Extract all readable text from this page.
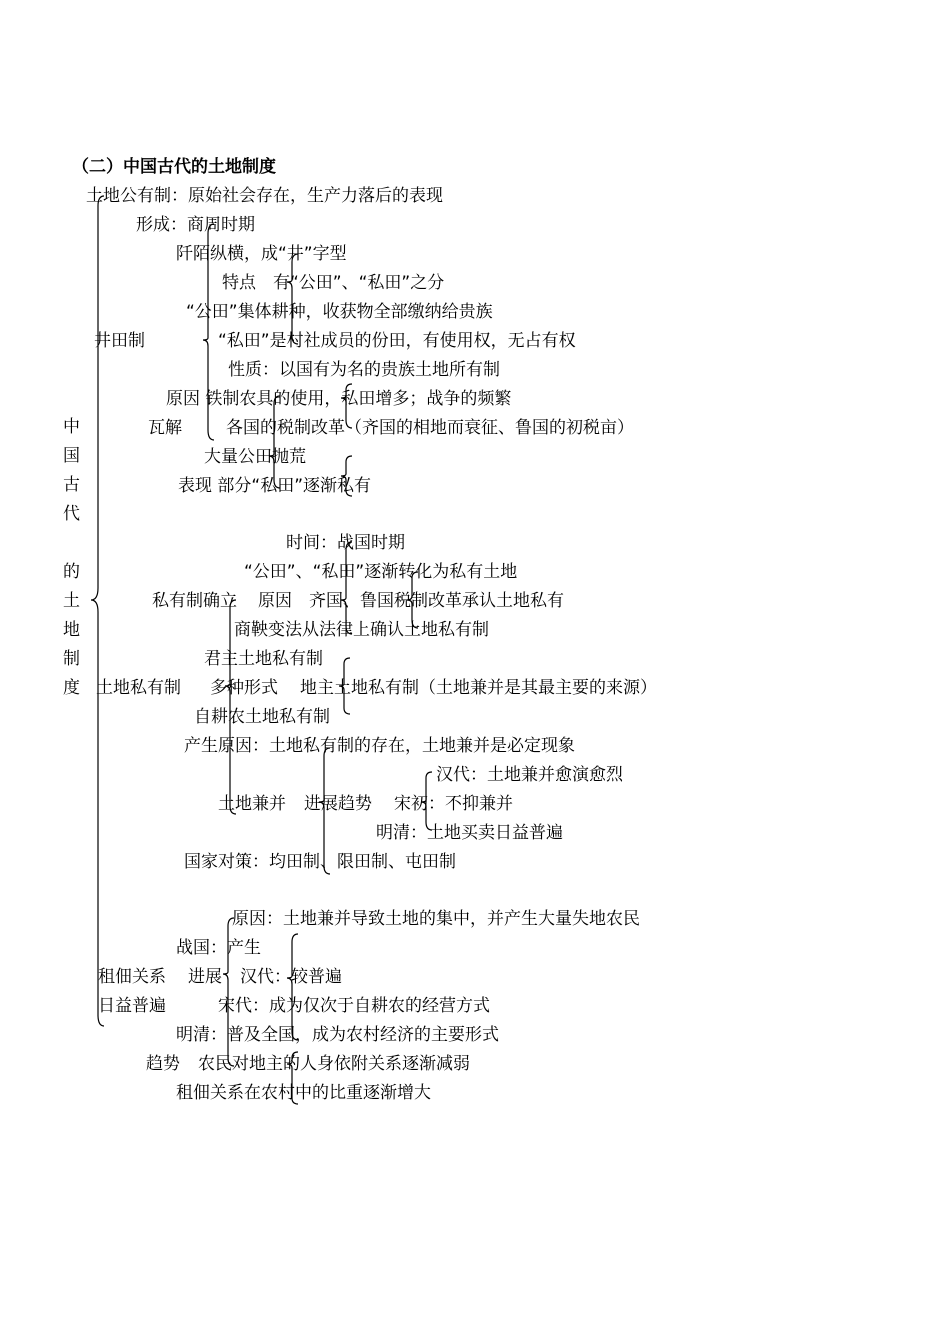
（二）中国古代的土地制度
中
国
古
代
的
土
地
制
度
土地公有制：原始社会存在，生产力落后的表现
形成：商周时期
阡陌纵横，成“井”字型
特点　有“公田”、“私田”之分
“公田”集体耕种，收获物全部缴纳给贵族
井田制	“私田”是村社成员的份田，有使用权，无占有权
性质：以国有为名的贵族土地所有制
原因 铁制农具的使用，私田增多；战争的频繁
瓦解	各国的税制改革（齐国的相地而衰征、鲁国的初税亩）
大量公田抛荒
表现 部分“私田”逐渐私有
时间：战国时期
“公田”、“私田”逐渐转化为私有土地
私有制确立 原因　齐国、鲁国税制改革承认土地私有
商鞅变法从法律上确认土地私有制
君主土地私有制
土地私有制 多种形式 地主土地私有制（土地兼并是其最主要的来源）
自耕农土地私有制
产生原因：土地私有制的存在，土地兼并是必定现象
汉代：土地兼并愈演愈烈
土地兼并 进展趋势 宋初：不抑兼并
明清：土地买卖日益普遍
国家对策：均田制、限田制、屯田制
原因：土地兼并导致土地的集中，并产生大量失地农民
战国：产生
租佃关系 进展 汉代：较普遍
日益普遍	宋代：成为仅次于自耕农的经营方式
明清：普及全国，成为农村经济的主要形式
趋势 农民对地主的人身依附关系逐渐减弱
租佃关系在农村中的比重逐渐增大
